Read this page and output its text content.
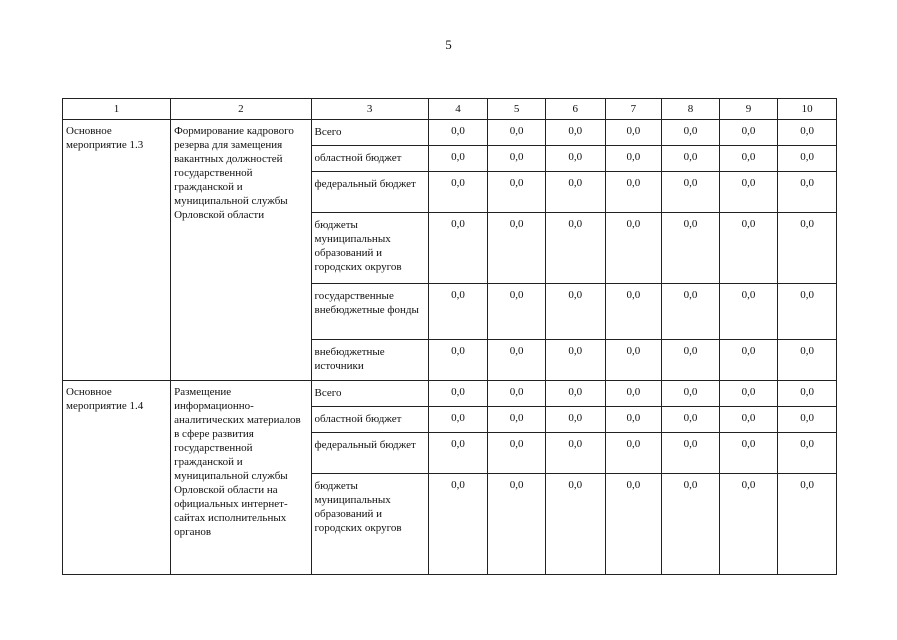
5
1	2	3	4	5	6	7	8	9	10
Основное мероприятие 1.3	Формирование кадрового резерва для замещения вакантных должностей государственной гражданской и муниципальной службы Орловской области	Всего	0,0	0,0	0,0	0,0	0,0	0,0	0,0
		областной бюджет	0,0	0,0	0,0	0,0	0,0	0,0	0,0
		федеральный бюджет	0,0	0,0	0,0	0,0	0,0	0,0	0,0
		бюджеты муниципальных образований и городских округов	0,0	0,0	0,0	0,0	0,0	0,0	0,0
		государственные внебюджетные фонды	0,0	0,0	0,0	0,0	0,0	0,0	0,0
		внебюджетные источники	0,0	0,0	0,0	0,0	0,0	0,0	0,0
Основное мероприятие 1.4	Размещение информационно-аналитических материалов в сфере развития государственной гражданской и муниципальной службы Орловской области на официальных интернет-сайтах исполнительных органов	Всего	0,0	0,0	0,0	0,0	0,0	0,0	0,0
		областной бюджет	0,0	0,0	0,0	0,0	0,0	0,0	0,0
		федеральный бюджет	0,0	0,0	0,0	0,0	0,0	0,0	0,0
		бюджеты муниципальных образований и городских округов	0,0	0,0	0,0	0,0	0,0	0,0	0,0
